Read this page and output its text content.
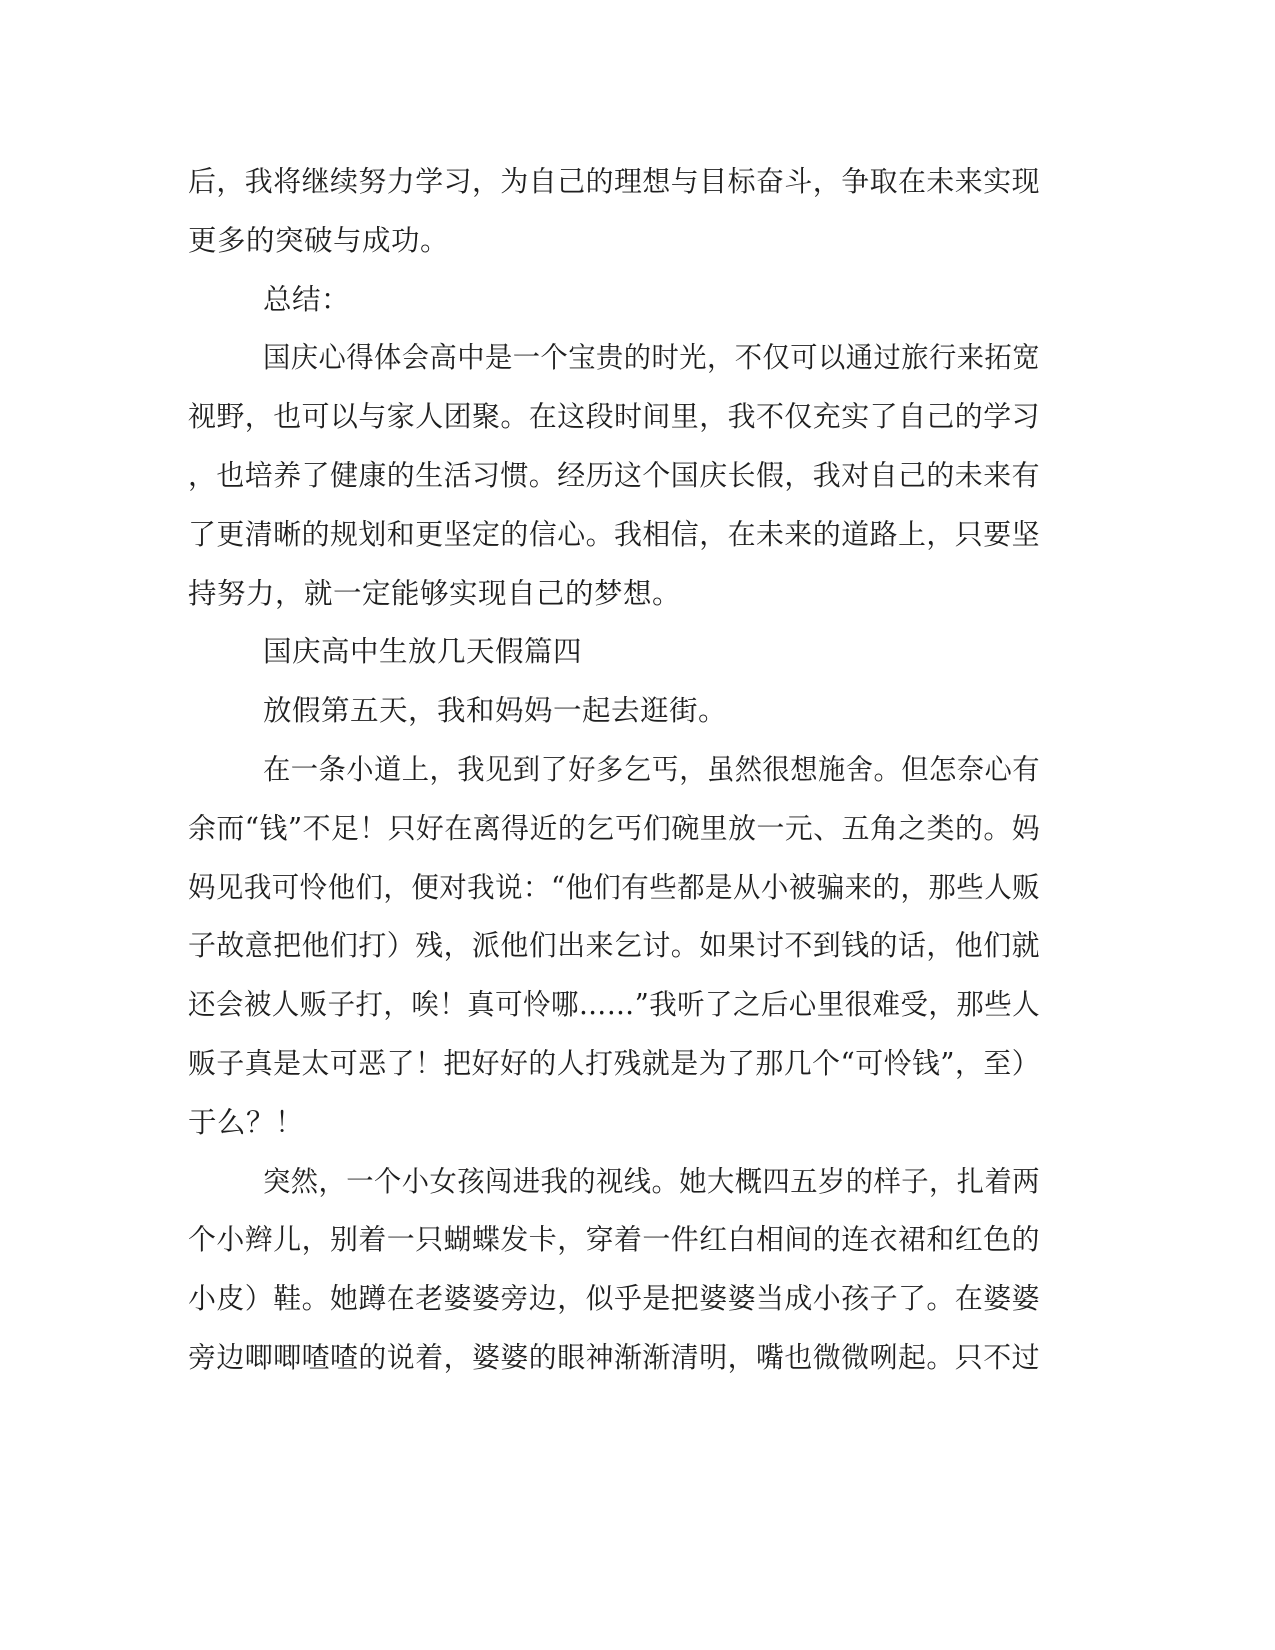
后，我将继续努力学习，为自己的理想与目标奋斗，争取在未来实现

更多的突破与成功。

总结：

国庆心得体会高中是一个宝贵的时光，不仅可以通过旅行来拓宽

视野，也可以与家人团聚。在这段时间里，我不仅充实了自己的学习

，也培养了健康的生活习惯。经历这个国庆长假，我对自己的未来有

了更清晰的规划和更坚定的信心。我相信，在未来的道路上，只要坚

持努力，就一定能够实现自己的梦想。

国庆高中生放几天假篇四

放假第五天，我和妈妈一起去逛街。

在一条小道上，我见到了好多乞丐，虽然很想施舍。但怎奈心有

余而“钱”不足！只好在离得近的乞丐们碗里放一元、五角之类的。妈

妈见我可怜他们，便对我说：“他们有些都是从小被骗来的，那些人贩

子故意把他们打）残，派他们出来乞讨。如果讨不到钱的话，他们就

还会被人贩子打，唉！真可怜哪……”我听了之后心里很难受，那些人

贩子真是太可恶了！把好好的人打残就是为了那几个“可怜钱”，至）

于么？！

突然，一个小女孩闯进我的视线。她大概四五岁的样子，扎着两

个小辫儿，别着一只蝴蝶发卡，穿着一件红白相间的连衣裙和红色的

小皮）鞋。她蹲在老婆婆旁边，似乎是把婆婆当成小孩子了。在婆婆

旁边唧唧喳喳的说着，婆婆的眼神渐渐清明，嘴也微微咧起。只不过
